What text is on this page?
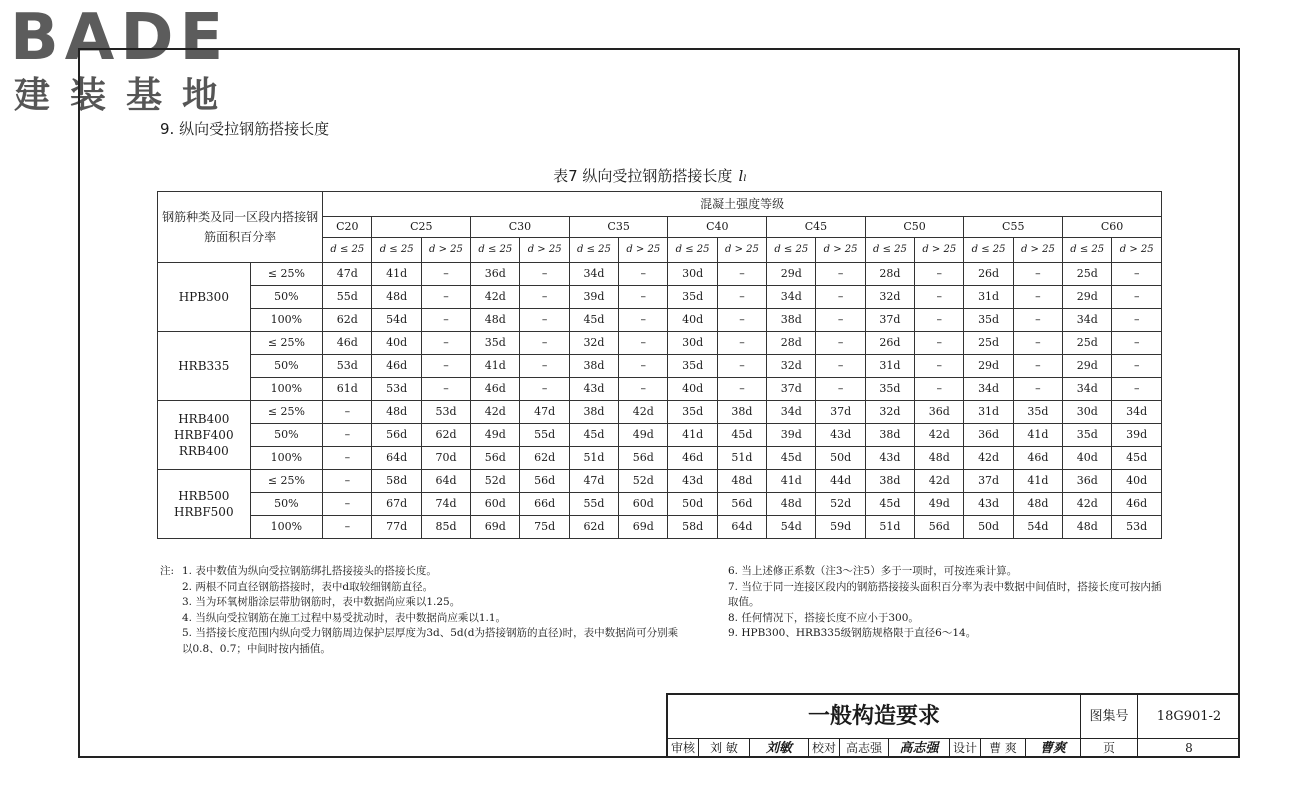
BADE
建装基地
9. 纵向受拉钢筋搭接长度
表7 纵向受拉钢筋搭接长度 lₗ
钢筋种类及同一区段内搭接钢筋面积百分率		混凝土强度等级																
		C20	C25		C30		C35		C40		C45		C50		C55		C60	
		d ≤ 25	d ≤ 25	d > 25	d ≤ 25	d > 25	d ≤ 25	d > 25	d ≤ 25	d > 25	d ≤ 25	d > 25	d ≤ 25	d > 25	d ≤ 25	d > 25	d ≤ 25	d > 25
HPB300	≤ 25%	47d	41d	–	36d	–	34d	–	30d	–	29d	–	28d	–	26d	–	25d	–
	50%	55d	48d	–	42d	–	39d	–	35d	–	34d	–	32d	–	31d	–	29d	–
	100%	62d	54d	–	48d	–	45d	–	40d	–	38d	–	37d	–	35d	–	34d	–
HRB335	≤ 25%	46d	40d	–	35d	–	32d	–	30d	–	28d	–	26d	–	25d	–	25d	–
	50%	53d	46d	–	41d	–	38d	–	35d	–	32d	–	31d	–	29d	–	29d	–
	100%	61d	53d	–	46d	–	43d	–	40d	–	37d	–	35d	–	34d	–	34d	–
HRB400 HRBF400 RRB400	≤ 25%	–	48d	53d	42d	47d	38d	42d	35d	38d	34d	37d	32d	36d	31d	35d	30d	34d
	50%	–	56d	62d	49d	55d	45d	49d	41d	45d	39d	43d	38d	42d	36d	41d	35d	39d
	100%	–	64d	70d	56d	62d	51d	56d	46d	51d	45d	50d	43d	48d	42d	46d	40d	45d
HRB500 HRBF500	≤ 25%	–	58d	64d	52d	56d	47d	52d	43d	48d	41d	44d	38d	42d	37d	41d	36d	40d
	50%	–	67d	74d	60d	66d	55d	60d	50d	56d	48d	52d	45d	49d	43d	48d	42d	46d
	100%	–	77d	85d	69d	75d	62d	69d	58d	64d	54d	59d	51d	56d	50d	54d	48d	53d
注: 1. 表中数值为纵向受拉钢筋绑扎搭接接头的搭接长度。
2. 两根不同直径钢筋搭接时，表中d取较细钢筋直径。
3. 当为环氧树脂涂层带肋钢筋时，表中数据尚应乘以1.25。
4. 当纵向受拉钢筋在施工过程中易受扰动时，表中数据尚应乘以1.1。
5. 当搭接长度范围内纵向受力钢筋周边保护层厚度为3d、5d(d为搭接钢筋的直径)时，表中数据尚可分别乘以0.8、0.7；中间时按内插值。
6. 当上述修正系数（注3～注5）多于一项时，可按连乘计算。
7. 当位于同一连接区段内的钢筋搭接接头面积百分率为表中数据中间值时，搭接长度可按内插取值。
8. 任何情况下，搭接长度不应小于300。
9. HPB300、HRB335级钢筋规格限于直径6～14。
一般构造要求	图集号	18G901-2
审核	刘 敏	刘敏	校对 高志强	高志强	设计	曹 爽	曹爽	页	8
